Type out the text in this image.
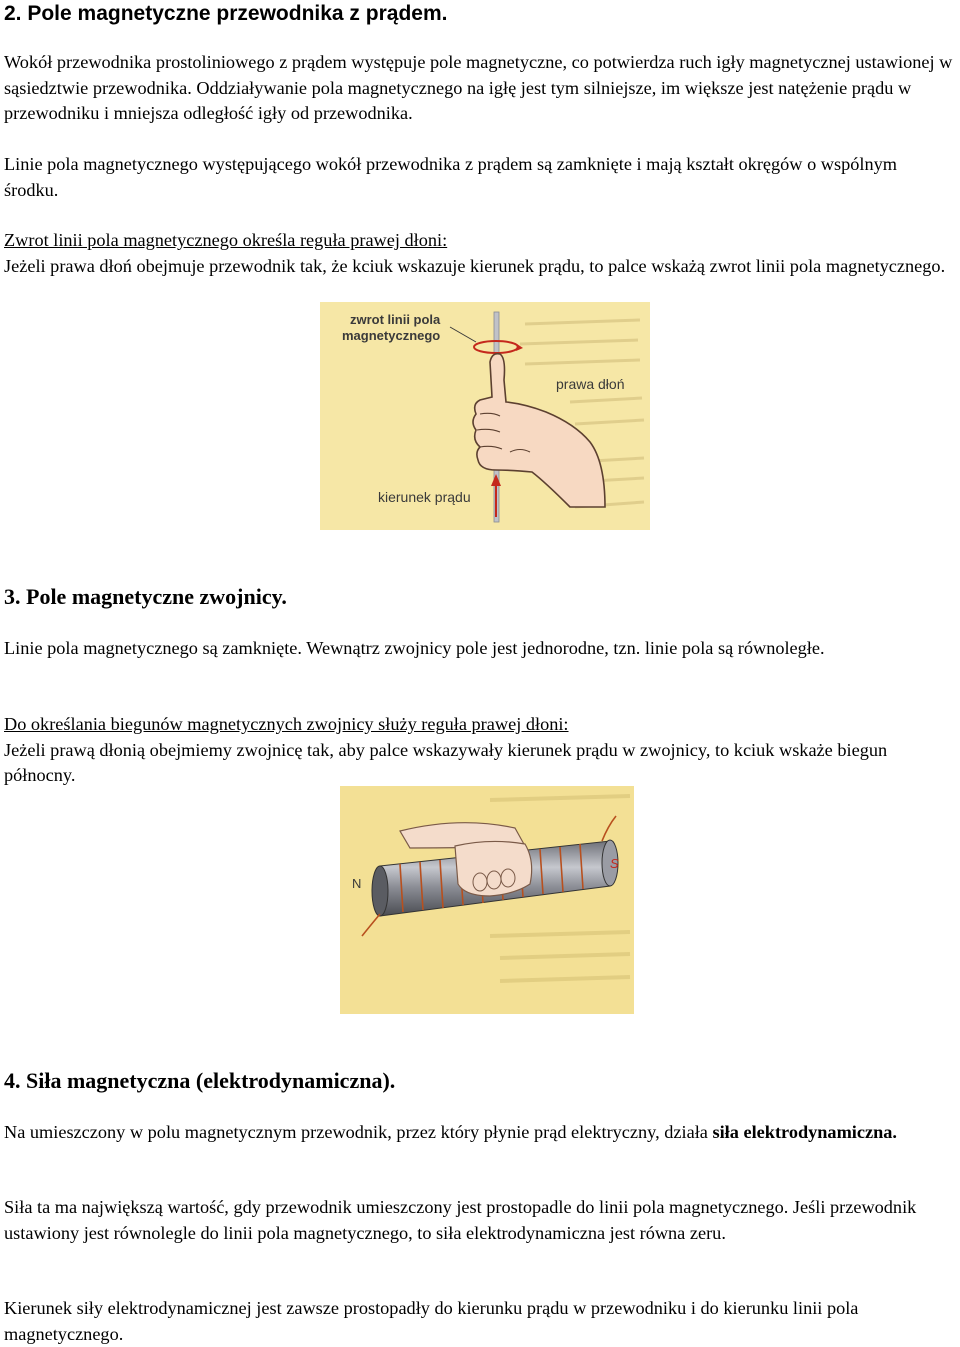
2. Pole magnetyczne przewodnika z prądem.

Wokół przewodnika prostoliniowego z prądem występuje pole magnetyczne, co potwierdza ruch igły magnetycznej ustawionej w sąsiedztwie przewodnika. Oddziaływanie pola magnetycznego na igłę jest tym silniejsze, im większe jest natężenie prądu w przewodniku i mniejsza odległość igły od przewodnika.

Linie pola magnetycznego występującego wokół przewodnika z prądem są zamknięte i mają kształt okręgów o wspólnym środku.

Zwrot linii pola magnetycznego określa reguła prawej dłoni:
Jeżeli prawa dłoń obejmuje przewodnik tak, że kciuk wskazuje kierunek prądu, to palce wskażą zwrot linii pola magnetycznego.

zwrot linii pola
magnetycznego
prawa dłoń
kierunek prądu
3. Pole magnetyczne zwojnicy.

Linie pola magnetycznego są zamknięte. Wewnątrz zwojnicy pole jest jednorodne, tzn. linie pola są równoległe.

Do określania biegunów magnetycznych zwojnicy służy reguła prawej dłoni:
Jeżeli prawą dłonią obejmiemy zwojnicę tak, aby palce wskazywały kierunek prądu w zwojnicy, to kciuk wskaże biegun północny.

N
S
4. Siła magnetyczna (elektrodynamiczna).

Na umieszczony w polu magnetycznym przewodnik, przez który płynie prąd elektryczny, działa siła elektrodynamiczna.

Siła ta ma największą wartość, gdy przewodnik umieszczony jest prostopadle do linii pola magnetycznego. Jeśli przewodnik ustawiony jest równolegle do linii pola magnetycznego, to siła elektrodynamiczna jest równa zeru.

Kierunek siły elektrodynamicznej jest zawsze prostopadły do kierunku prądu w przewodniku i do kierunku linii pola magnetycznego.
